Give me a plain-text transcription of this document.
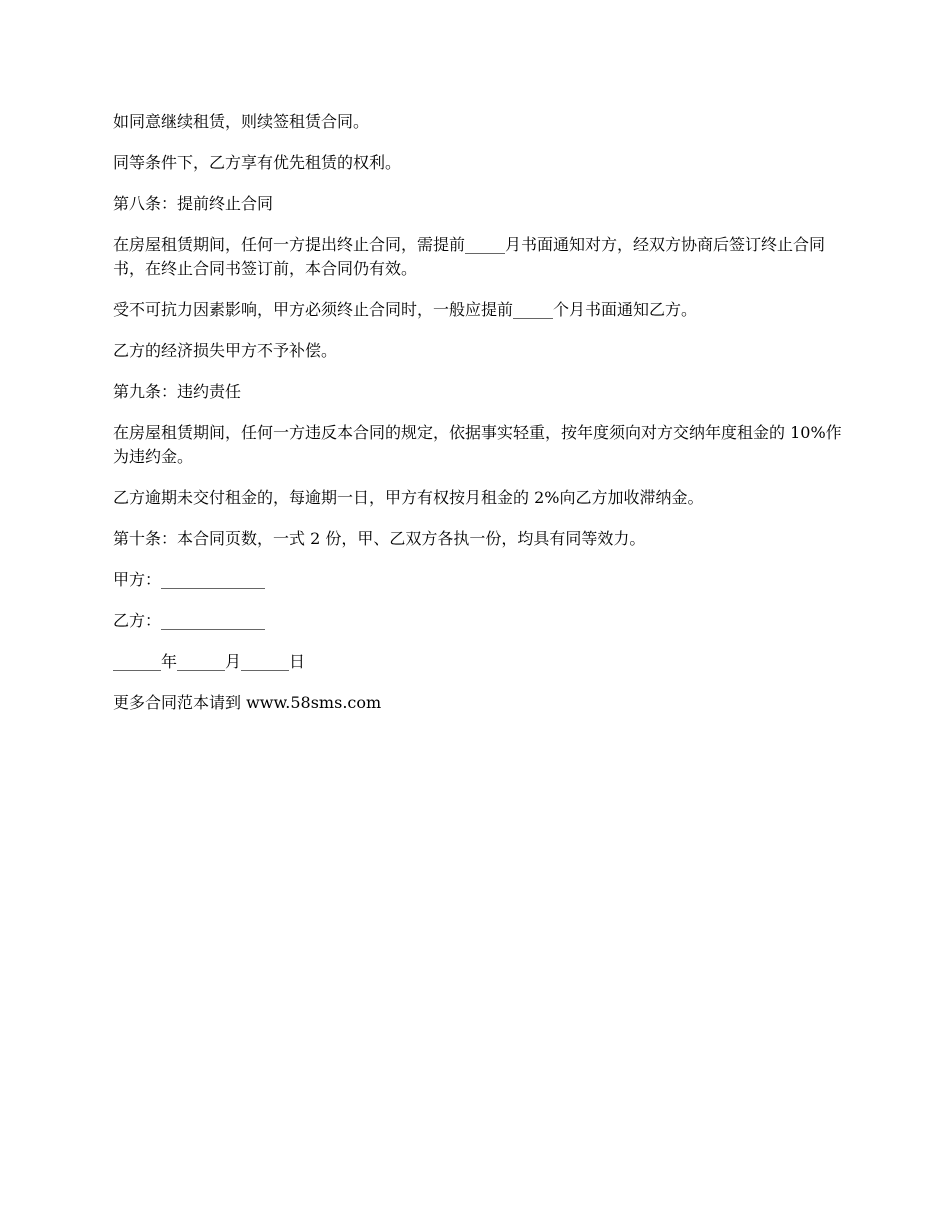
如同意继续租赁，则续签租赁合同。

同等条件下，乙方享有优先租赁的权利。

第八条：提前终止合同

在房屋租赁期间，任何一方提出终止合同，需提前_____月书面通知对方，经双方协商后签订终止合同书，在终止合同书签订前，本合同仍有效。

受不可抗力因素影响，甲方必须终止合同时，一般应提前_____个月书面通知乙方。

乙方的经济损失甲方不予补偿。

第九条：违约责任

在房屋租赁期间，任何一方违反本合同的规定，依据事实轻重，按年度须向对方交纳年度租金的 10%作为违约金。

乙方逾期未交付租金的，每逾期一日，甲方有权按月租金的 2%向乙方加收滞纳金。

第十条：本合同页数，一式 2 份，甲、乙双方各执一份，均具有同等效力。

甲方：_____________

乙方：_____________

______年______月______日

更多合同范本请到 www.58sms.com
